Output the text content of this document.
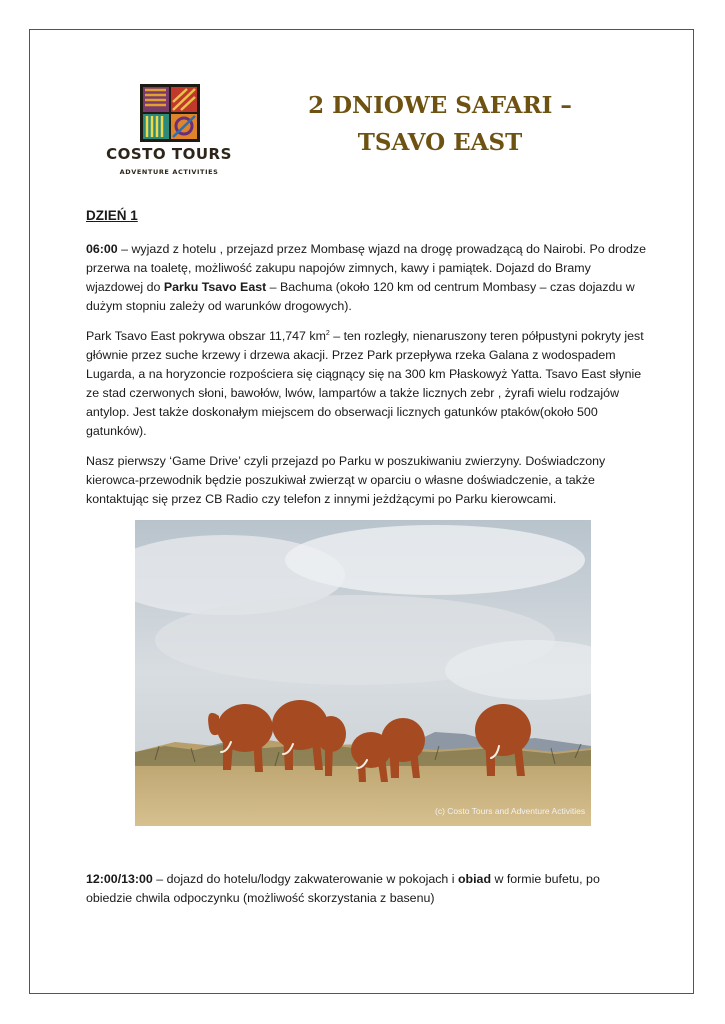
COSTO TOURS
ADVENTURE ACTIVITIES
2 DNIOWE SAFARI –
TSAVO EAST
DZIEŃ 1

06:00 – wyjazd z hotelu , przejazd przez Mombasę wjazd na drogę prowadzącą do Nairobi. Po drodze przerwa na toaletę, możliwość zakupu napojów zimnych, kawy i pamiątek. Dojazd do Bramy wjazdowej do Parku Tsavo East – Bachuma (około 120 km od centrum Mombasy – czas dojazdu w dużym stopniu zależy od warunków drogowych).

Park Tsavo East pokrywa obszar 11,747 $km^2$ – ten rozległy, nienaruszony teren półpustyni pokryty jest głównie przez suche krzewy i drzewa akacji. Przez Park przepływa rzeka Galana z wodospadem Lugarda, a na horyzoncie rozpościera się ciągnący się na 300 km Płaskowyż Yatta. Tsavo East słynie ze stad czerwonych słoni, bawołów, lwów, lampartów a także licznych zebr , żyrafi wielu rodzajów antylop. Jest także doskonałym miejscem do obserwacji licznych gatunków ptaków(około 500 gatunków).

Nasz pierwszy ‘Game Drive’ czyli przejazd po Parku w poszukiwaniu zwierzyny. Doświadczony kierowca-przewodnik będzie poszukiwał zwierząt w oparciu o własne doświadczenie, a także kontaktując się przez CB Radio czy telefon z innymi jeżdżącymi po Parku kierowcami.

(c) Costo Tours and Adventure Activities

12:00/13:00 – dojazd do hotelu/lodgy zakwaterowanie w pokojach i obiad w formie bufetu, po obiedzie chwila odpoczynku (możliwość skorzystania z basenu)
